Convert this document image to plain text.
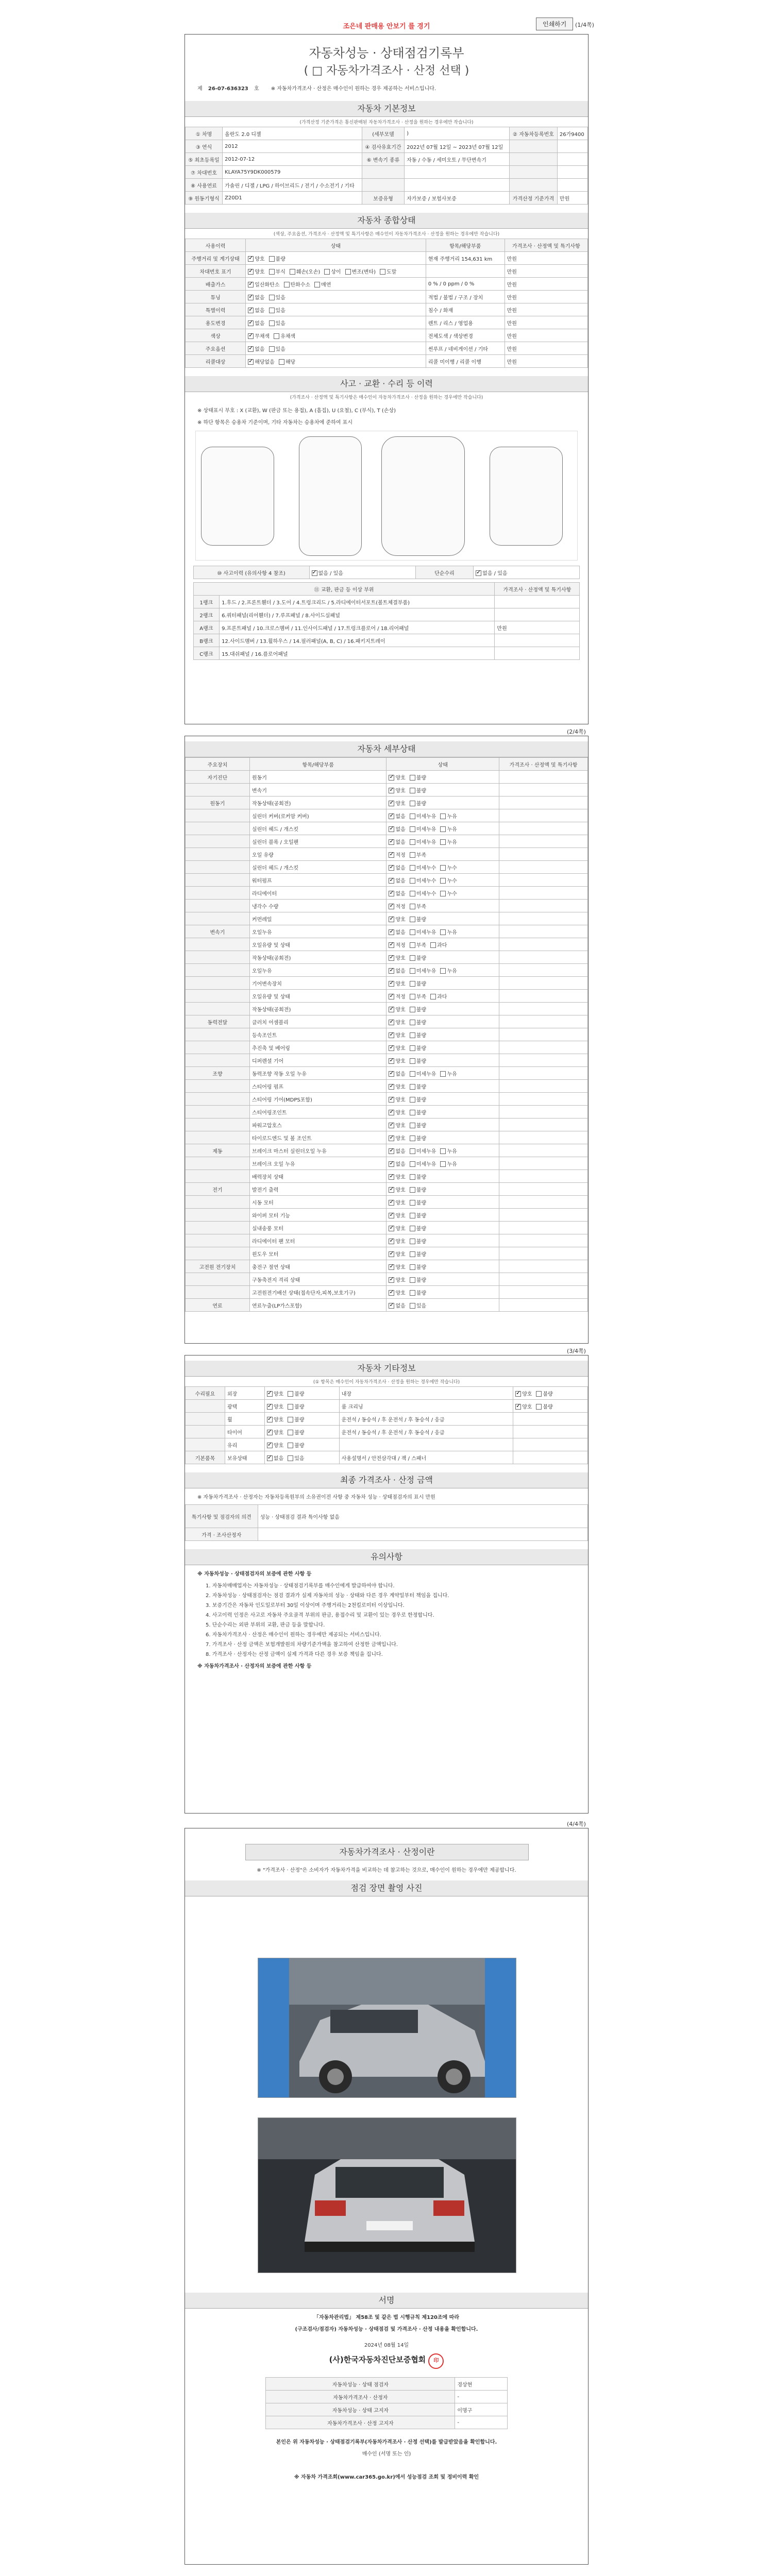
조은네 판매용 안보기 를 경기	인쇄하기	(1/4쪽)
자동차성능 · 상태점검기록부
( □ 자동차가격조사 · 산정 선택 )
제 26-07-636323 호 ※ 자동차가격조사 · 산정은 매수인이 원하는 경우 제공하는 서비스입니다.
자동차 기본정보
(가격산정 기준가격은 통신판매된 자동차가격조사 · 산정을 원하는 경우에만 작습니다)
① 차명	올란도 2.0 디젤	(세부모델	)	② 자동차등록번호	26가9400
③ 연식	2012	④ 검사유효기간	2022년 07월 12일 ~ 2023년 07월 12일		
⑤ 최초등록일	2012-07-12	⑥ 변속기 종류	자동 / 수동 / 세미오토 / 무단변속기		
⑦ 차대번호	KLAYA75Y9DK000579				
⑧ 사용연료	가솔린 / 디젤 / LPG / 하이브리드 / 전기 / 수소전기 / 기타				
⑨ 원동기형식	Z20D1	보증유형	자가보증 / 보험사보증	가격산정 기준가격	만원
자동차 종합상태
(색상, 주요옵션, 가격조사 · 산정액 및 특기사항은 매수인이 자동차가격조사 · 산정을 원하는 경우에만 작습니다)
사용이력	상태	항목/해당부품	가격조사 · 산정액 및 특기사항
주행거리 및 계기상태	✓양호 불량	현재 주행거리 154,631 km	만원
차대번호 표기	✓양호 부식 훼손(오손) 상이 변조(변타) 도말		만원
배출가스	✓일산화탄소 탄화수소 매연	0 % / 0 ppm / 0 %	만원
튜닝	✓없음 있음	적법 / 불법 / 구조 / 장치	만원
특별이력	✓없음 있음	침수 / 화재	만원
용도변경	✓없음 있음	렌트 / 리스 / 영업용	만원
색상	✓무채색 유채색	전체도색 / 색상변경	만원
주요옵션	✓없음 있음	썬루프 / 네비게이션 / 기타	만원
리콜대상	✓해당없음 해당	리콜 미이행 / 리콜 이행	만원
사고 · 교환 · 수리 등 이력
(가격조사 · 산정액 및 특기사항은 매수인이 자동차가격조사 · 산정을 원하는 경우에만 작습니다)
※ 상태표시 부호 : X (교환), W (판금 또는 용접), A (흠집), U (요철), C (부식), T (손상)
※ 하단 항목은 승용차 기준이며, 기타 자동차는 승용차에 준하여 표시
⑩ 사고이력 (유의사항 4 참조)	✓없음 / 있음	단순수리	✓없음 / 있음
⑪ 교환, 판금 등 이상 부위		가격조사 · 산정액 및 특기사항
1랭크	1.후드 / 2.프론트휀더 / 3.도어 / 4.트렁크리드 / 5.라디에이터서포트(볼트체결부품)	
2랭크	6.쿼터패널(리어휀더) / 7.루프패널 / 8.사이드실패널	
A랭크	9.프론트패널 / 10.크로스멤버 / 11.인사이드패널 / 17.트렁크플로어 / 18.리어패널	만원
B랭크	12.사이드멤버 / 13.휠하우스 / 14.필러패널(A, B, C) / 16.패키지트레이	
C랭크	15.대쉬패널 / 16.플로어패널	
(2/4쪽)
자동차 세부상태
주요장치	항목/해당부품	상태	가격조사 · 산정액 및 특기사항
자기진단	원동기	✓양호 불량	
	변속기	✓양호 불량	
원동기	작동상태(공회전)	✓양호 불량	
	실린더 커버(로커암 커버)	✓없음 미세누유 누유	
	실린더 헤드 / 개스킷	✓없음 미세누유 누유	
	실린더 블록 / 오일팬	✓없음 미세누유 누유	
	오일 유량	✓적정 부족	
	실린더 헤드 / 개스킷	✓없음 미세누수 누수	
	워터펌프	✓없음 미세누수 누수	
	라디에이터	✓없음 미세누수 누수	
	냉각수 수량	✓적정 부족	
	커먼레일	✓양호 불량	
변속기	오일누유	✓없음 미세누유 누유	
	오일유량 및 상태	✓적정 부족 과다	
	작동상태(공회전)	✓양호 불량	
	오일누유	✓없음 미세누유 누유	
	기어변속장치	✓양호 불량	
	오일유량 및 상태	✓적정 부족 과다	
	작동상태(공회전)	✓양호 불량	
동력전달	클러치 어셈블리	✓양호 불량	
	등속조인트	✓양호 불량	
	추진축 및 베어링	✓양호 불량	
	디퍼렌셜 기어	✓양호 불량	
조향	동력조향 작동 오일 누유	✓없음 미세누유 누유	
	스티어링 펌프	✓양호 불량	
	스티어링 기어(MDPS포함)	✓양호 불량	
	스티어링조인트	✓양호 불량	
	파워고압호스	✓양호 불량	
	타이로드엔드 및 볼 조인트	✓양호 불량	
제동	브레이크 마스터 실린더오일 누유	✓없음 미세누유 누유	
	브레이크 오일 누유	✓없음 미세누유 누유	
	배력장치 상태	✓양호 불량	
전기	발전기 출력	✓양호 불량	
	시동 모터	✓양호 불량	
	와이퍼 모터 기능	✓양호 불량	
	실내송풍 모터	✓양호 불량	
	라디에이터 팬 모터	✓양호 불량	
	윈도우 모터	✓양호 불량	
고전원 전기장치	충전구 절연 상태	✓양호 불량	
	구동축전지 격리 상태	✓양호 불량	
	고전원전기배선 상태(접속단자,피복,보호기구)	✓양호 불량	
연료	연료누출(LP가스포함)	✓없음 있음	
(3/4쪽)
자동차 기타정보
(① 항목은 매수인이 자동차가격조사 · 산정을 원하는 경우에만 작습니다)
수리필요	외장	✓양호 불량	내장	✓양호 불량
	광택	✓양호 불량	룸 크리닝	✓양호 불량
	휠	✓양호 불량	운전석 / 동승석 / 후 운전석 / 후 동승석 / 응급	
	타이어	✓양호 불량	운전석 / 동승석 / 후 운전석 / 후 동승석 / 응급	
	유리	✓양호 불량		
기본품목	보유상태	✓없음 있음	사용설명서 / 안전삼각대 / 잭 / 스패너	
최종 가격조사 · 산정 금액
※ 자동차가격조사 · 산정자는 자동차등록원부의 소유권이전 사항 중 자동차 성능 · 상태점검자의 표시 만원
특기사항 및 점검자의 의견	성능 · 상태점검 결과 특이사항 없음
가격 · 조사산정자	
유의사항
※ 자동차성능 · 상태점검자의 보증에 관한 사항 등
1. 자동차매매업자는 자동차성능 · 상태점검기록부를 매수인에게 발급하여야 합니다.
2. 자동차성능 · 상태점검자는 점검 결과가 실제 자동차의 성능 · 상태와 다른 경우 계약일부터 책임을 집니다.
3. 보증기간은 자동차 인도일로부터 30일 이상이며 주행거리는 2천킬로미터 이상입니다.
4. 사고이력 인정은 사고로 자동차 주요골격 부위의 판금, 용접수리 및 교환이 있는 경우로 한정합니다.
5. 단순수리는 외판 부위의 교환, 판금 등을 말합니다.
6. 자동차가격조사 · 산정은 매수인이 원하는 경우에만 제공되는 서비스입니다.
7. 가격조사 · 산정 금액은 보험개발원의 차량기준가액을 참고하여 산정한 금액입니다.
8. 가격조사 · 산정자는 산정 금액이 실제 가격과 다른 경우 보증 책임을 집니다.
※ 자동차가격조사 · 산정자의 보증에 관한 사항 등
(4/4쪽)
자동차가격조사 · 산정이란
※ "가격조사 · 산정"은 소비자가 자동차가격을 비교하는 데 참고하는 것으로, 매수인이 원하는 경우에만 제공합니다.
점검 장면 촬영 사진
서명
「자동차관리법」 제58조 및 같은 법 시행규칙 제120조에 따라
(구조검사/점검자) 자동차성능 · 상태점검 및 가격조사 · 산정 내용을 확인합니다.
2024년 08월 14일
(사)한국자동차진단보증협회 印
자동차성능 · 상태 점검자	경상현
자동차가격조사 · 산정자	-
자동차성능 · 상태 고지자	이명구
자동차가격조사 · 산정 고지자	-
본인은 위 자동차성능 · 상태점검기록부(자동차가격조사 · 산정 선택)를 발급받았음을 확인합니다.
매수인 (서명 또는 인)
※ 자동차 가격조회(www.car365.go.kr)에서 성능점검 조회 및 정비이력 확인
